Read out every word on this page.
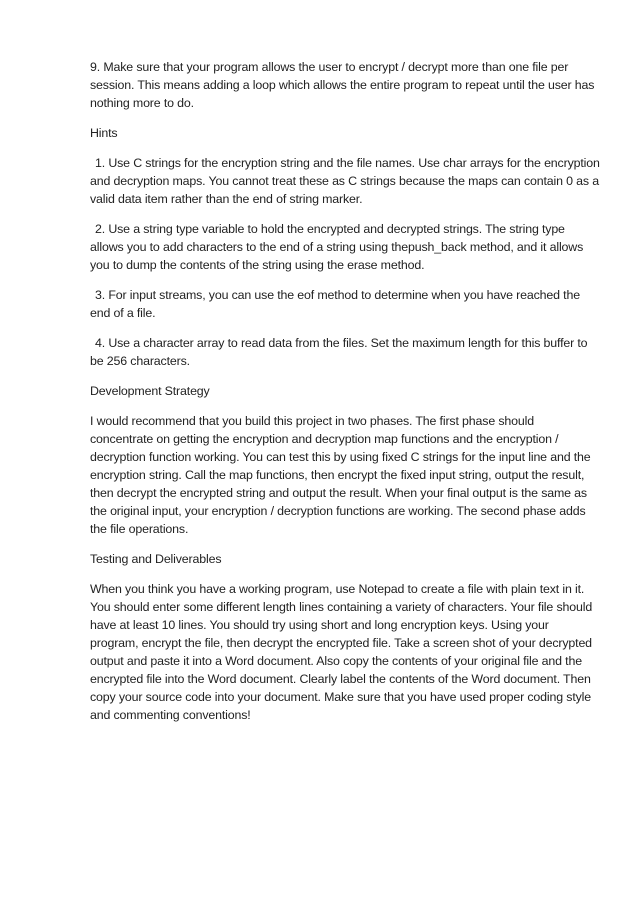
9. Make sure that your program allows the user to encrypt / decrypt more than one file per session. This means adding a loop which allows the entire program to repeat until the user has nothing more to do.

Hints

1. Use C strings for the encryption string and the file names. Use char arrays for the encryption and decryption maps. You cannot treat these as C strings because the maps can contain 0 as a valid data item rather than the end of string marker.

2. Use a string type variable to hold the encrypted and decrypted strings. The string type allows you to add characters to the end of a string using thepush_back method, and it allows you to dump the contents of the string using the erase method.

3. For input streams, you can use the eof method to determine when you have reached the end of a file.

4. Use a character array to read data from the files. Set the maximum length for this buffer to be 256 characters.

Development Strategy

I would recommend that you build this project in two phases. The first phase should concentrate on getting the encryption and decryption map functions and the encryption / decryption function working. You can test this by using fixed C strings for the input line and the encryption string. Call the map functions, then encrypt the fixed input string, output the result, then decrypt the encrypted string and output the result. When your final output is the same as the original input, your encryption / decryption functions are working. The second phase adds the file operations.

Testing and Deliverables

When you think you have a working program, use Notepad to create a file with plain text in it. You should enter some different length lines containing a variety of characters. Your file should have at least 10 lines. You should try using short and long encryption keys. Using your program, encrypt the file, then decrypt the encrypted file. Take a screen shot of your decrypted output and paste it into a Word document. Also copy the contents of your original file and the encrypted file into the Word document. Clearly label the contents of the Word document. Then copy your source code into your document. Make sure that you have used proper coding style and commenting conventions!
